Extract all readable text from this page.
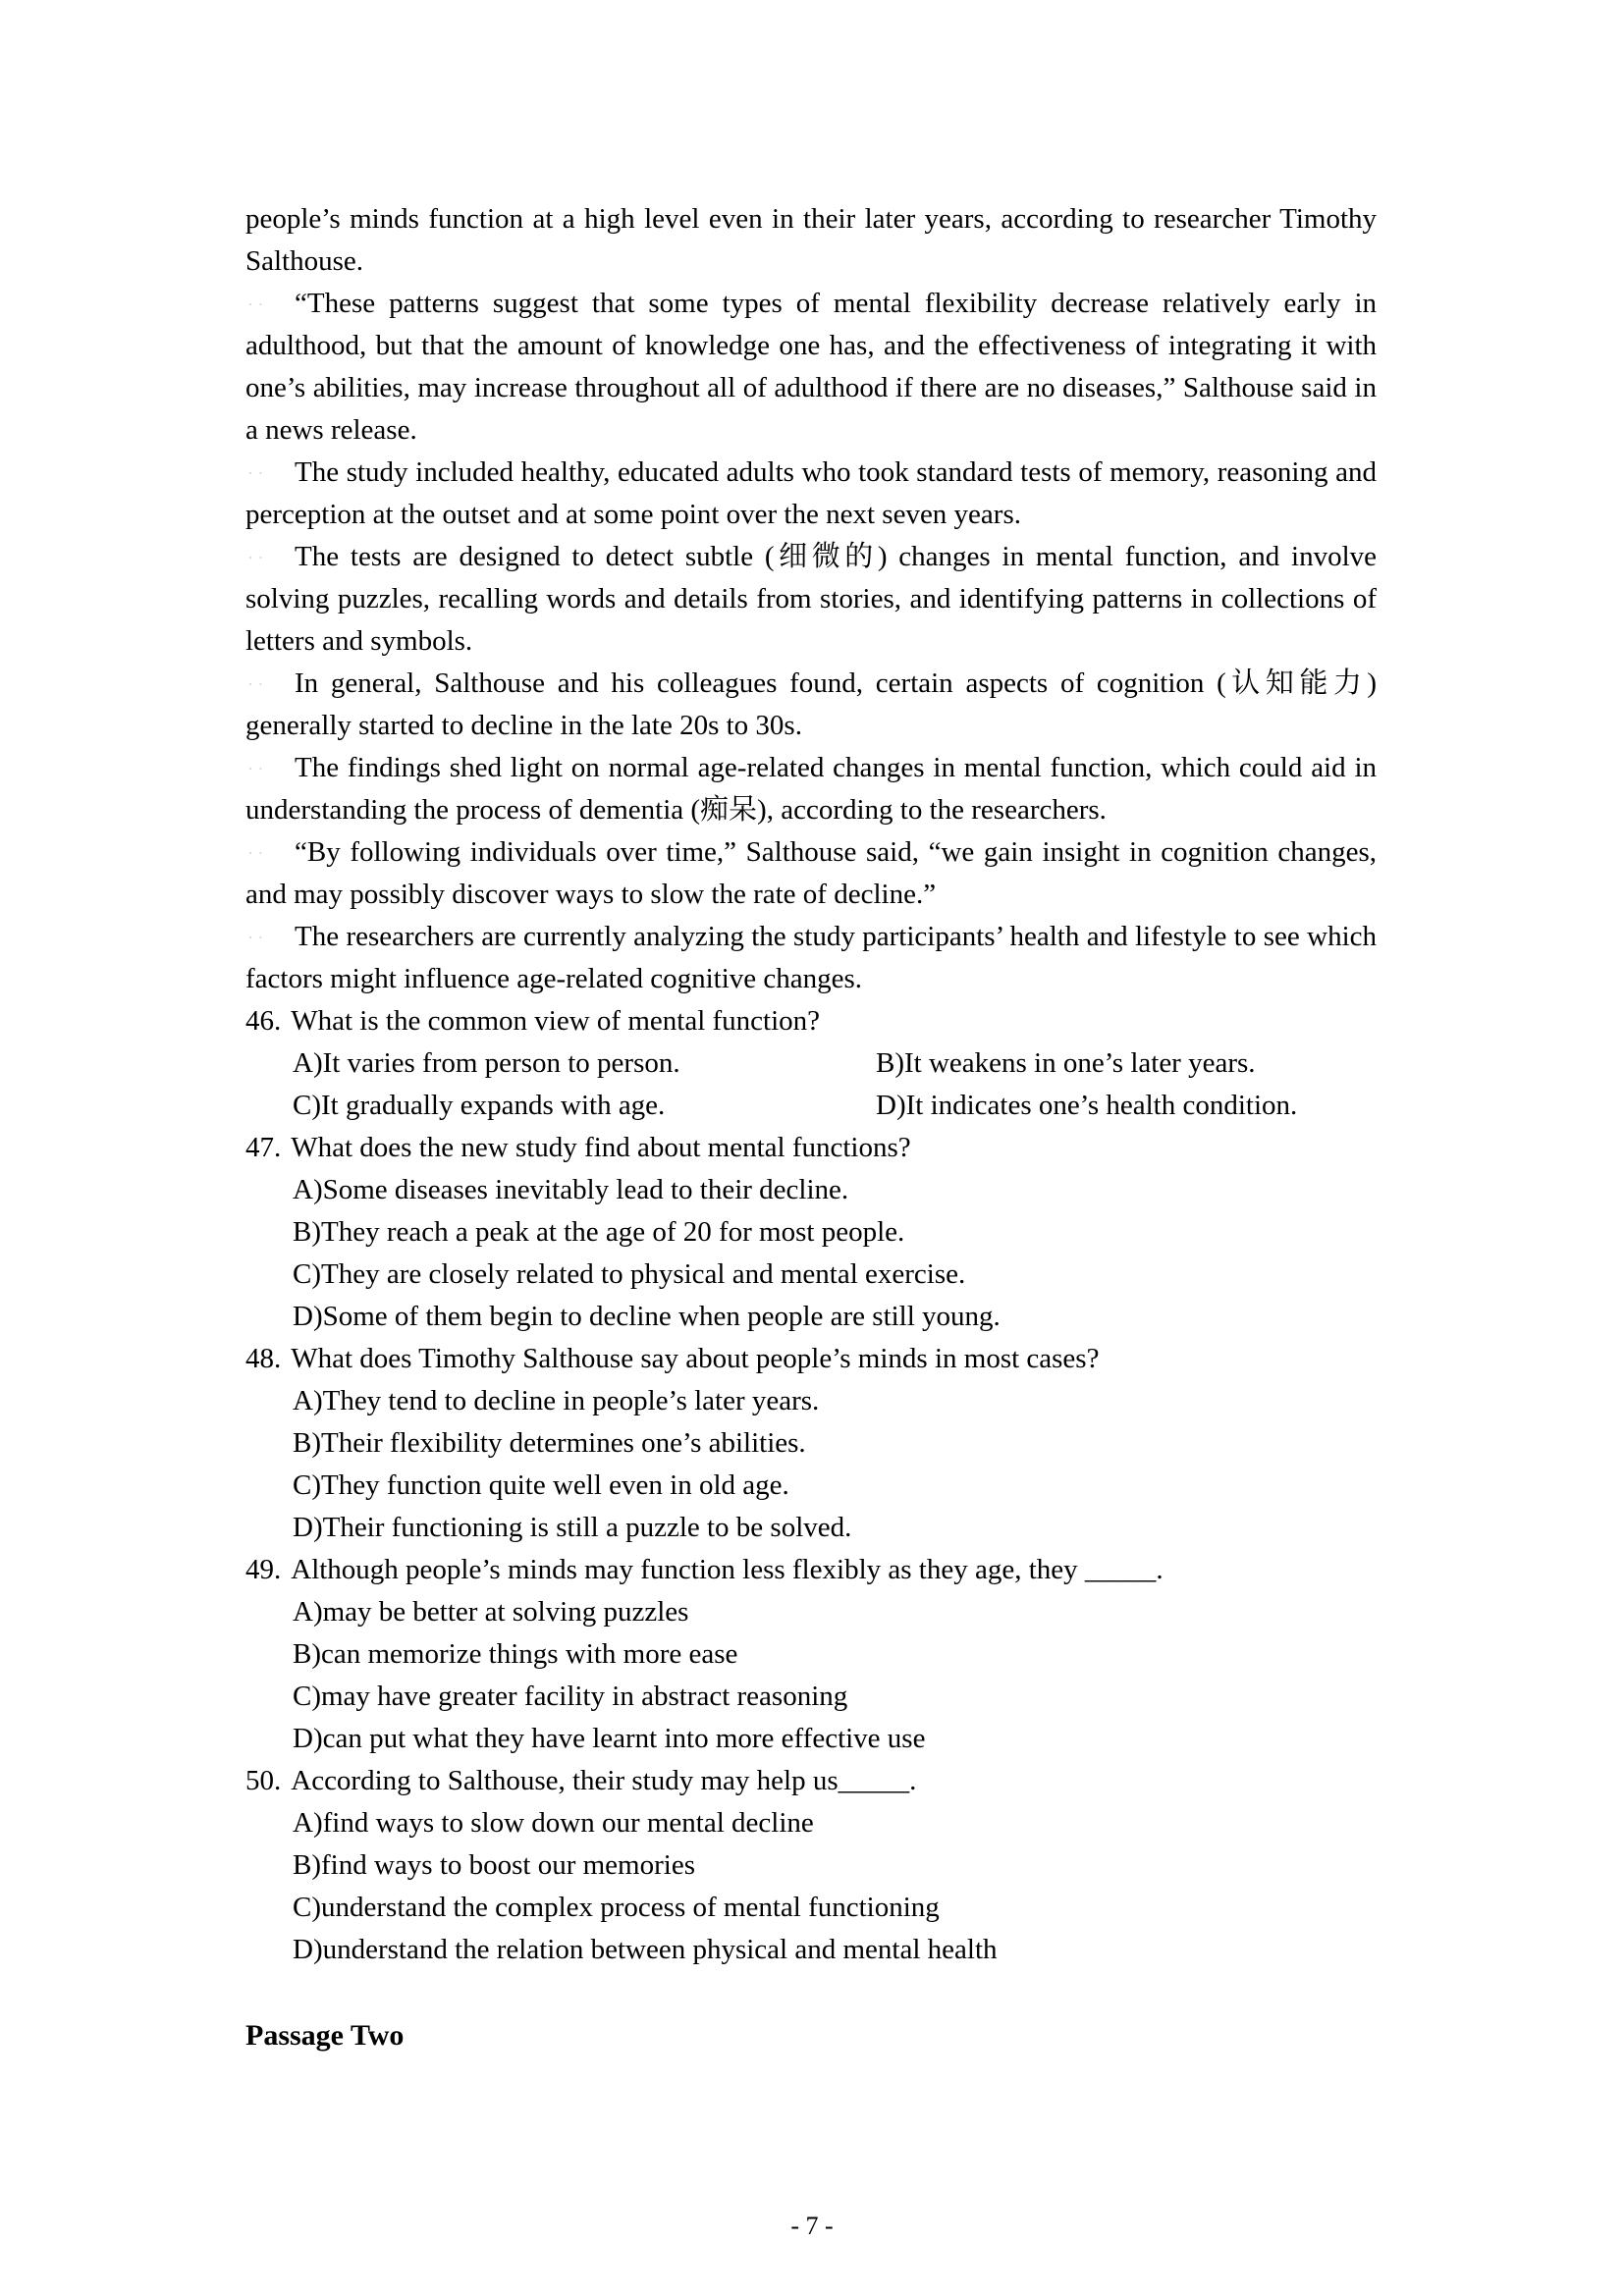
people’s minds function at a high level even in their later years, according to researcher Timothy Salthouse.

· · “These patterns suggest that some types of mental flexibility decrease relatively early in adulthood, but that the amount of knowledge one has, and the effectiveness of integrating it with one’s abilities, may increase throughout all of adulthood if there are no diseases,” Salthouse said in a news release.

· · The study included healthy, educated adults who took standard tests of memory, reasoning and perception at the outset and at some point over the next seven years.

· · The tests are designed to detect subtle (细微的) changes in mental function, and involve solving puzzles, recalling words and details from stories, and identifying patterns in collections of letters and symbols.

· · In general, Salthouse and his colleagues found, certain aspects of cognition (认知能力) generally started to decline in the late 20s to 30s.

· · The findings shed light on normal age-related changes in mental function, which could aid in understanding the process of dementia (痴呆), according to the researchers.

· · “By following individuals over time,” Salthouse said, “we gain insight in cognition changes, and may possibly discover ways to slow the rate of decline.”

· · The researchers are currently analyzing the study participants’ health and lifestyle to see which factors might influence age-related cognitive changes.

46. What is the common view of mental function?
A)It varies from person to person.	B)It weakens in one’s later years.
C)It gradually expands with age.	D)It indicates one’s health condition.
47. What does the new study find about mental functions?
A)Some diseases inevitably lead to their decline.
B)They reach a peak at the age of 20 for most people.
C)They are closely related to physical and mental exercise.
D)Some of them begin to decline when people are still young.
48. What does Timothy Salthouse say about people’s minds in most cases?
A)They tend to decline in people’s later years.
B)Their flexibility determines one’s abilities.
C)They function quite well even in old age.
D)Their functioning is still a puzzle to be solved.
49. Although people’s minds may function less flexibly as they age, they _____.
A)may be better at solving puzzles
B)can memorize things with more ease
C)may have greater facility in abstract reasoning
D)can put what they have learnt into more effective use
50. According to Salthouse, their study may help us_____.
A)find ways to slow down our mental decline
B)find ways to boost our memories
C)understand the complex process of mental functioning
D)understand the relation between physical and mental health
Passage Two
- 7 -
